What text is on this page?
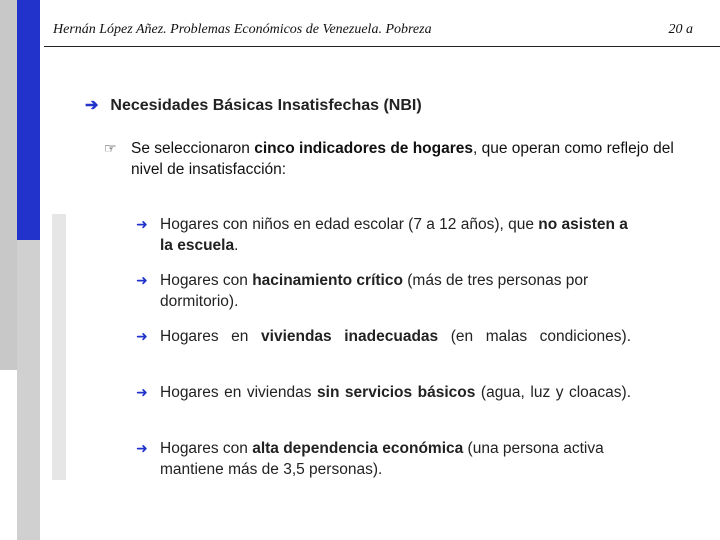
Hernán López Añez. Problemas Económicos de Venezuela. Pobreza	20 a
➔ Necesidades Básicas Insatisfechas (NBI)
☞ Se seleccionaron cinco indicadores de hogares, que operan como reflejo del nivel de insatisfacción:
➜ Hogares con niños en edad escolar (7 a 12 años), que no asisten a la escuela.
➜ Hogares con hacinamiento crítico (más de tres personas por dormitorio).
➜ Hogares en viviendas inadecuadas (en malas condiciones).
➜ Hogares en viviendas sin servicios básicos (agua, luz y cloacas).
➜ Hogares con alta dependencia económica (una persona activa mantiene más de 3,5 personas).
